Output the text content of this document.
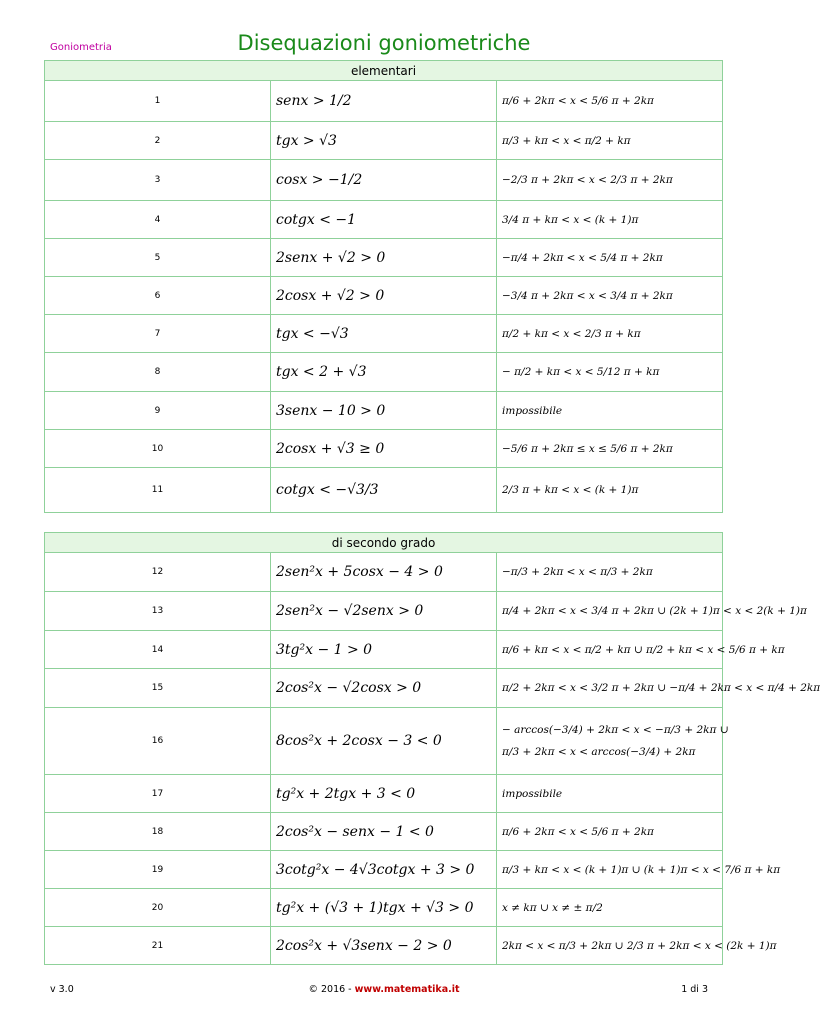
Goniometria	Disequazioni goniometriche
elementari		
1	senx > 1/2	π/6 + 2kπ < x < 5/6 π + 2kπ
2	tgx > √3	π/3 + kπ < x < π/2 + kπ
3	cosx > −1/2	−2/3 π + 2kπ < x < 2/3 π + 2kπ
4	cotgx < −1	3/4 π + kπ < x < (k + 1)π
5	2senx + √2 > 0	−π/4 + 2kπ < x < 5/4 π + 2kπ
6	2cosx + √2 > 0	−3/4 π + 2kπ < x < 3/4 π + 2kπ
7	tgx < −√3	π/2 + kπ < x < 2/3 π + kπ
8	tgx < 2 + √3	− π/2 + kπ < x < 5/12 π + kπ
9	3senx − 10 > 0	impossibile
10	2cosx + √3 ≥ 0	−5/6 π + 2kπ ≤ x ≤ 5/6 π + 2kπ
11	cotgx < −√3/3	2/3 π + kπ < x < (k + 1)π
di secondo grado		
12	2sen²x + 5cosx − 4 > 0	−π/3 + 2kπ < x < π/3 + 2kπ
13	2sen²x − √2senx > 0	π/4 + 2kπ < x < 3/4 π + 2kπ ∪ (2k + 1)π < x < 2(k + 1)π
14	3tg²x − 1 > 0	π/6 + kπ < x < π/2 + kπ ∪ π/2 + kπ < x < 5/6 π + kπ
15	2cos²x − √2cosx > 0	π/2 + 2kπ < x < 3/2 π + 2kπ ∪ −π/4 + 2kπ < x < π/4 + 2kπ
16	8cos²x + 2cosx − 3 < 0	− arccos(−3/4) + 2kπ < x < −π/3 + 2kπ ∪
π/3 + 2kπ < x < arccos(−3/4) + 2kπ

17	tg²x + 2tgx + 3 < 0	impossibile
18	2cos²x − senx − 1 < 0	π/6 + 2kπ < x < 5/6 π + 2kπ
19	3cotg²x − 4√3cotgx + 3 > 0	π/3 + kπ < x < (k + 1)π ∪ (k + 1)π < x < 7/6 π + kπ
20	tg²x + (√3 + 1)tgx + √3 > 0	x ≠ kπ ∪ x ≠ ± π/2
21	2cos²x + √3senx − 2 > 0	2kπ < x < π/3 + 2kπ ∪ 2/3 π + 2kπ < x < (2k + 1)π
v 3.0	© 2016 - www.matematika.it	1 di 3
